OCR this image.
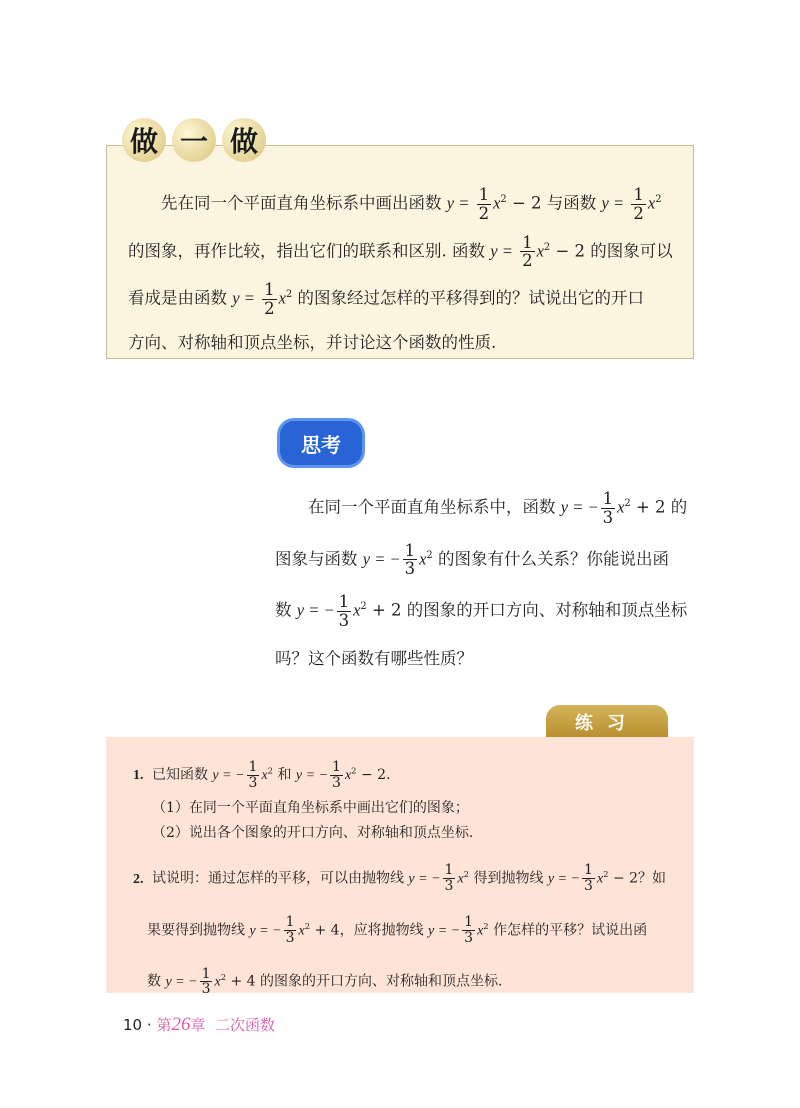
做 一 做
  先在同一个平面直角坐标系中画出函数 $y = \frac{1}{2} x^2 - 2$ 与函数 $y = \frac{1}{2} x^2$
的图象，再作比较，指出它们的联系和区别. 函数 $y = \frac{1}{2} x^2 - 2$ 的图象可以
看成是由函数 $y = \frac{1}{2} x^2$ 的图象经过怎样的平移得到的？试说出它的开口
方向、对称轴和顶点坐标，并讨论这个函数的性质.
思考
  在同一个平面直角坐标系中，函数 y = − $\frac{1}{3} x^2 + 2$ 的
图象与函数 y = − $\frac{1}{3} x^2$ 的图象有什么关系？你能说出函
数 y = − $\frac{1}{3} x^2 + 2$ 的图象的开口方向、对称轴和顶点坐标
吗？这个函数有哪些性质？
练习
1. 已知函数 y = − $\frac{1}{3} x^2$ 和 y = − $\frac{1}{3} x^2 - 2$.
（1）在同一个平面直角坐标系中画出它们的图象；
（2）说出各个图象的开口方向、对称轴和顶点坐标.
2. 试说明：通过怎样的平移，可以由抛物线 y = − $\frac{1}{3} x^2$ 得到抛物线 y = − $\frac{1}{3} x^2 - 2$？如
 果要得到抛物线 y = − $\frac{1}{3} x^2 + 4$，应将抛物线 y = − $\frac{1}{3} x^2$ 作怎样的平移？试说出函
 数 y = − $\frac{1}{3} x^2 + 4$ 的图象的开口方向、对称轴和顶点坐标.
10 · 第26章 二次函数
